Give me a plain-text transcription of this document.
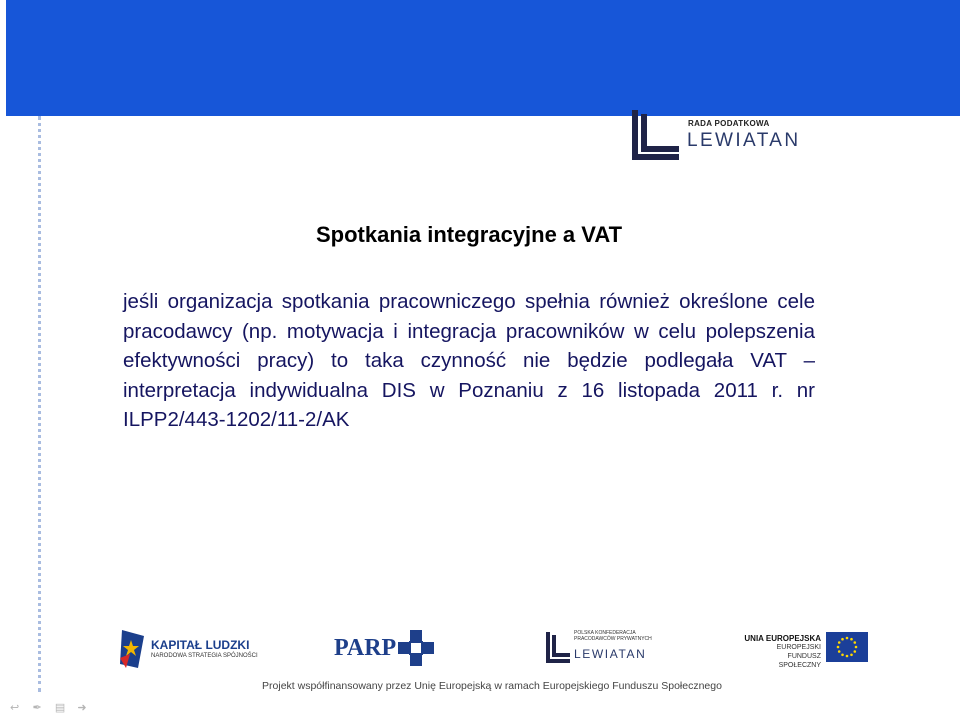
RADA PODATKOWA
LEWIATAN
Spotkania integracyjne a VAT
jeśli organizacja spotkania pracowniczego spełnia również określone cele pracodawcy (np. motywacja i integracja pracowników w celu polepszenia efektywności pracy) to taka czynność nie będzie podlegała VAT – interpretacja indywidualna DIS w Poznaniu z 16 listopada 2011 r. nr ILPP2/443-1202/11-2/AK
KAPITAŁ LUDZKI
NARODOWA STRATEGIA SPÓJNOŚCI	PARP
POLSKA KONFEDERACJA
PRACODAWCÓW PRYWATNYCH
LEWIATAN
UNIA EUROPEJSKA
EUROPEJSKI
FUNDUSZ SPOŁECZNY
Projekt współfinansowany przez Unię Europejską w ramach Europejskiego Funduszu Społecznego
↩ ✒ ▤ ➜
